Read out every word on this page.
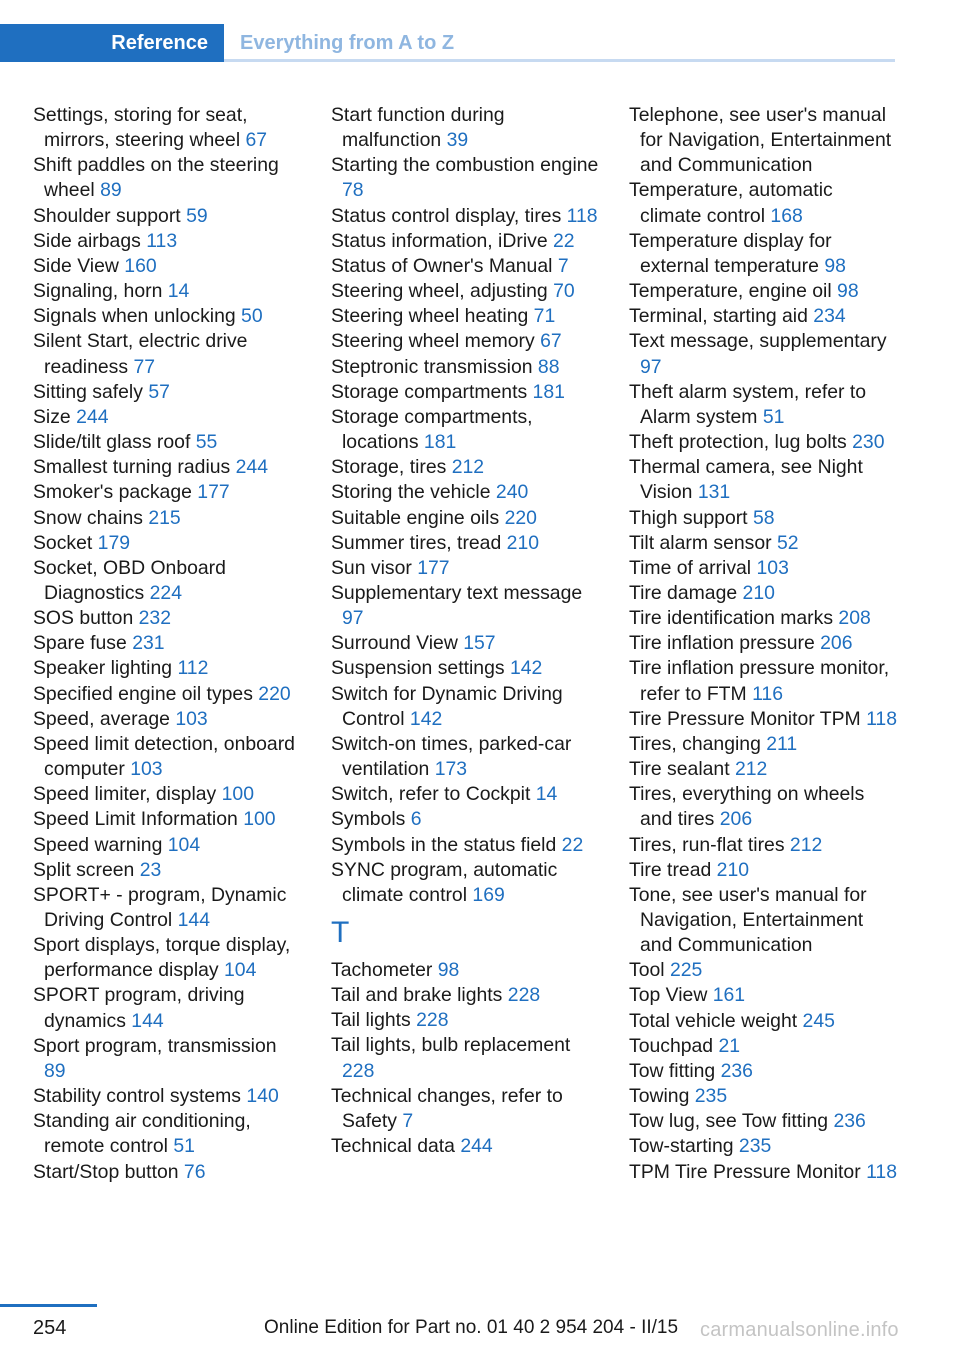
Reference	Everything from A to Z
Settings, storing for seat, mirrors, steering wheel 67
Shift paddles on the steering wheel 89
Shoulder support 59
Side airbags 113
Side View 160
Signaling, horn 14
Signals when unlocking 50
Silent Start, electric drive readiness 77
Sitting safely 57
Size 244
Slide/tilt glass roof 55
Smallest turning radius 244
Smoker's package 177
Snow chains 215
Socket 179
Socket, OBD Onboard Diagnostics 224
SOS button 232
Spare fuse 231
Speaker lighting 112
Specified engine oil types 220
Speed, average 103
Speed limit detection, onboard computer 103
Speed limiter, display 100
Speed Limit Information 100
Speed warning 104
Split screen 23
SPORT+ - program, Dynamic Driving Control 144
Sport displays, torque display, performance display 104
SPORT program, driving dynamics 144
Sport program, transmission 89
Stability control systems 140
Standing air conditioning, remote control 51
Start/Stop button 76
Start function during malfunction 39
Starting the combustion engine 78
Status control display, tires 118
Status information, iDrive 22
Status of Owner's Manual 7
Steering wheel, adjusting 70
Steering wheel heating 71
Steering wheel memory 67
Steptronic transmission 88
Storage compartments 181
Storage compartments, locations 181
Storage, tires 212
Storing the vehicle 240
Suitable engine oils 220
Summer tires, tread 210
Sun visor 177
Supplementary text message 97
Surround View 157
Suspension settings 142
Switch for Dynamic Driving Control 142
Switch-on times, parked-car ventilation 173
Switch, refer to Cockpit 14
Symbols 6
Symbols in the status field 22
SYNC program, automatic climate control 169
T
Tachometer 98
Tail and brake lights 228
Tail lights 228
Tail lights, bulb replacement 228
Technical changes, refer to Safety 7
Technical data 244
Telephone, see user's manual for Navigation, Entertainment and Communication
Temperature, automatic climate control 168
Temperature display for external temperature 98
Temperature, engine oil 98
Terminal, starting aid 234
Text message, supplementary 97
Theft alarm system, refer to Alarm system 51
Theft protection, lug bolts 230
Thermal camera, see Night Vision 131
Thigh support 58
Tilt alarm sensor 52
Time of arrival 103
Tire damage 210
Tire identification marks 208
Tire inflation pressure 206
Tire inflation pressure monitor, refer to FTM 116
Tire Pressure Monitor TPM 118
Tires, changing 211
Tire sealant 212
Tires, everything on wheels and tires 206
Tires, run-flat tires 212
Tire tread 210
Tone, see user's manual for Navigation, Entertainment and Communication
Tool 225
Top View 161
Total vehicle weight 245
Touchpad 21
Tow fitting 236
Towing 235
Tow lug, see Tow fitting 236
Tow-starting 235
TPM Tire Pressure Monitor 118
254	Online Edition for Part no. 01 40 2 954 204 - II/15 carmanualsonline.info
